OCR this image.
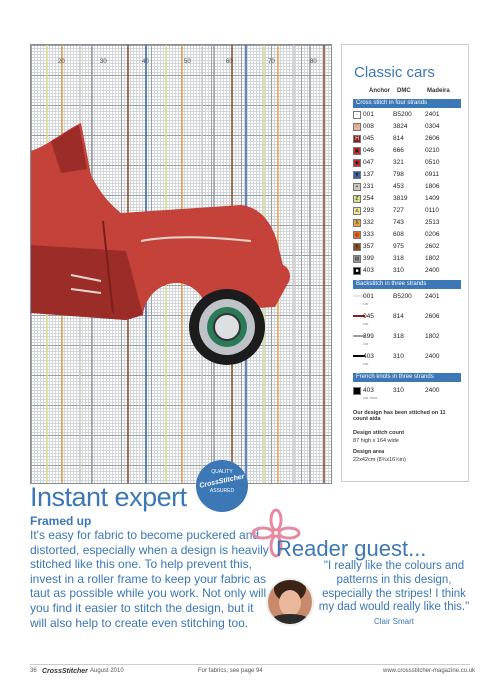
20	30	40	50	60	70	80
Classic cars
Anchor DMC	Madeira
Cross stitch in four strands
· 001	B5200 2401
♡ 008	3824	0304
H 045	814	2606
▣ 046	666	0210
◆ 047	321	0510
▼ 137	798	0911
+ 231	453	1806
Z 254	3819	1409
∆ 293	727	0110
X 332	743	2513
◎ 333	608	0206
# 357	975	2602
▤ 399	318	1802
■ 403	310	2400
Backstitch in three strands
001	B5200 2401
car
045	814	2606
car
399	318	1802
car
403	310	2400
car
French knots in three strands
403	310	2400
car door
Our design has been stitched on 11 count aida
Design stitch count
87 high x 164 wide
Design area
22x42cm (8¾x16½in)
QUALITY
CrossStitcher
ASSURED
Instant expert
Framed up
It's easy for fabric to become puckered and distorted, especially when a design is heavily stitched like this one. To help prevent this, invest in a roller frame to keep your fabric as taut as possible while you work. Not only will you find it easier to stitch the design, but it will also help to create even stitching too.
Reader guest...
"I really like the colours and patterns in this design, especially the stripes! I think my dad would really like this." Clair Smart
36 CrossStitcher August 2010	For fabrics, see page 94	www.crossstitcher-magazine.co.uk
